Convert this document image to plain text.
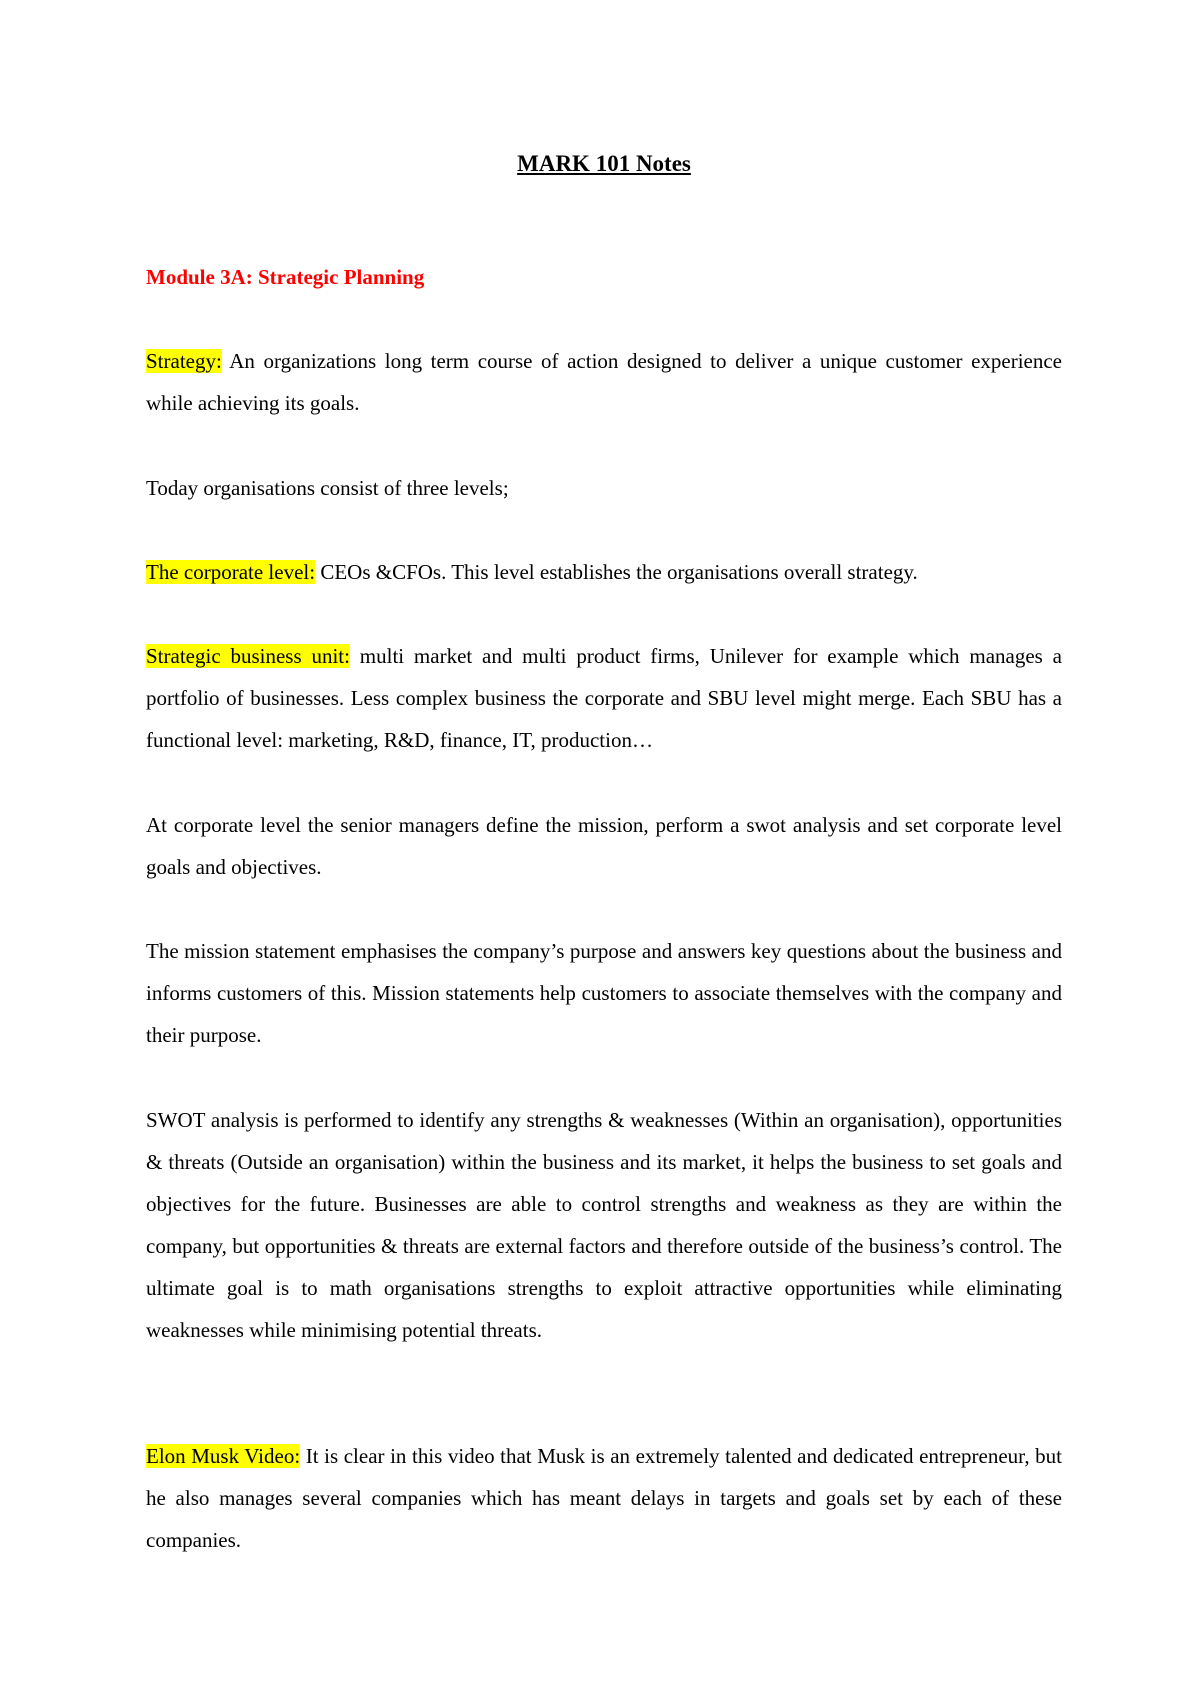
MARK 101 Notes
Module 3A: Strategic Planning

Strategy: An organizations long term course of action designed to deliver a unique customer experience while achieving its goals.

Today organisations consist of three levels;

The corporate level: CEOs &CFOs. This level establishes the organisations overall strategy.

Strategic business unit: multi market and multi product firms, Unilever for example which manages a portfolio of businesses. Less complex business the corporate and SBU level might merge. Each SBU has a functional level: marketing, R&D, finance, IT, production…

At corporate level the senior managers define the mission, perform a swot analysis and set corporate level goals and objectives.

The mission statement emphasises the company’s purpose and answers key questions about the business and informs customers of this. Mission statements help customers to associate themselves with the company and their purpose.

SWOT analysis is performed to identify any strengths & weaknesses (Within an organisation), opportunities & threats (Outside an organisation) within the business and its market, it helps the business to set goals and objectives for the future. Businesses are able to control strengths and weakness as they are within the company, but opportunities & threats are external factors and therefore outside of the business’s control. The ultimate goal is to math organisations strengths to exploit attractive opportunities while eliminating weaknesses while minimising potential threats.

Elon Musk Video: It is clear in this video that Musk is an extremely talented and dedicated entrepreneur, but he also manages several companies which has meant delays in targets and goals set by each of these companies.
